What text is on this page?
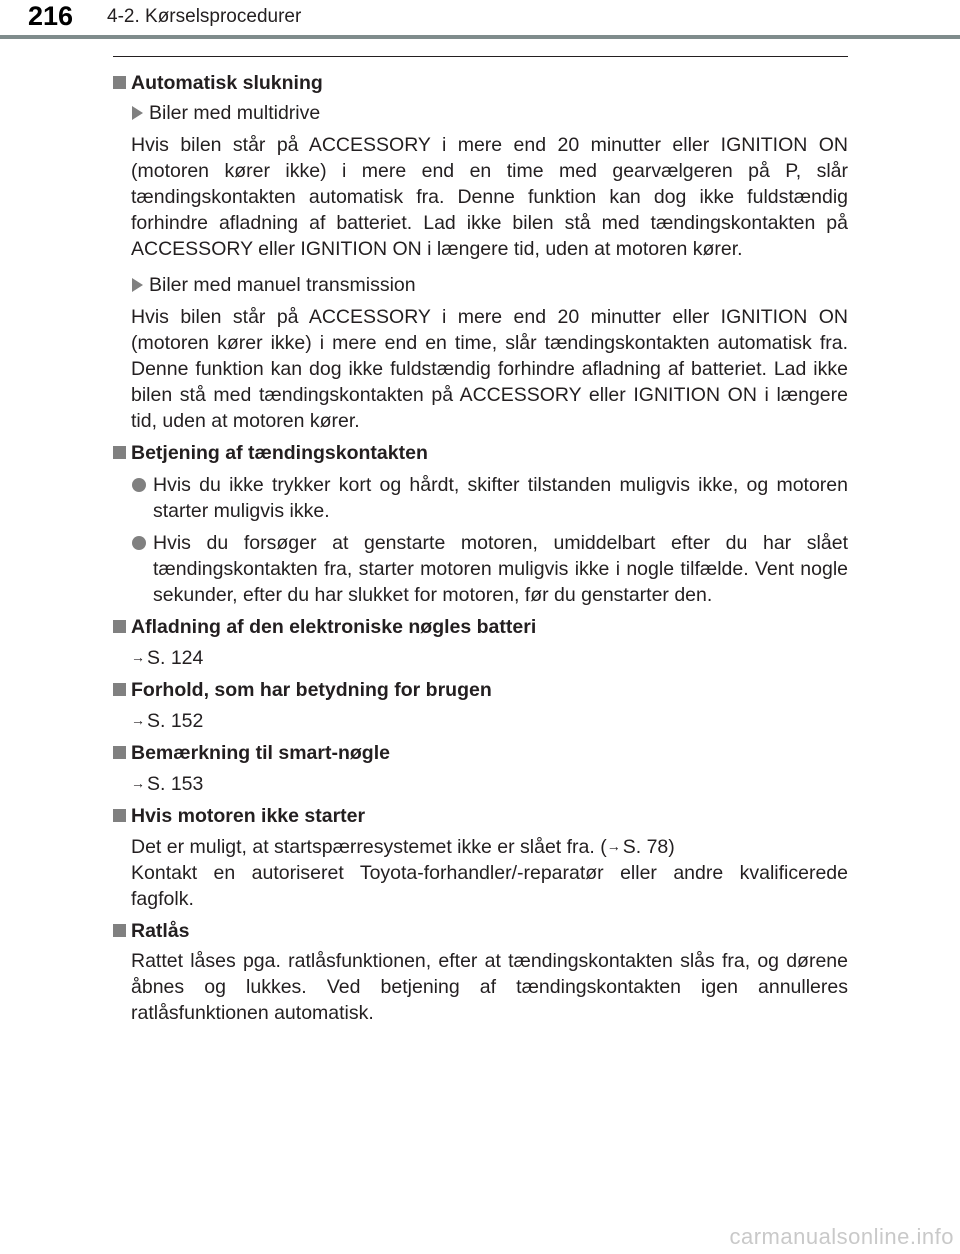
216 4-2. Kørselsprocedurer
Automatisk slukning
Biler med multidrive
Hvis bilen står på ACCESSORY i mere end 20 minutter eller IGNITION ON (motoren kører ikke) i mere end en time med gearvælgeren på P, slår tændingskontakten automatisk fra. Denne funktion kan dog ikke fuldstændig forhindre afladning af batteriet. Lad ikke bilen stå med tændingskontakten på ACCESSORY eller IGNITION ON i længere tid, uden at motoren kører.
Biler med manuel transmission
Hvis bilen står på ACCESSORY i mere end 20 minutter eller IGNITION ON (motoren kører ikke) i mere end en time, slår tændingskontakten automatisk fra. Denne funktion kan dog ikke fuldstændig forhindre afladning af batteriet. Lad ikke bilen stå med tændingskontakten på ACCESSORY eller IGNITION ON i længere tid, uden at motoren kører.
Betjening af tændingskontakten
Hvis du ikke trykker kort og hårdt, skifter tilstanden muligvis ikke, og motoren starter muligvis ikke.
Hvis du forsøger at genstarte motoren, umiddelbart efter du har slået tændingskontakten fra, starter motoren muligvis ikke i nogle tilfælde. Vent nogle sekunder, efter du har slukket for motoren, før du genstarter den.
Afladning af den elektroniske nøgles batteri
→ S. 124
Forhold, som har betydning for brugen
→ S. 152
Bemærkning til smart-nøgle
→ S. 153
Hvis motoren ikke starter
Det er muligt, at startspærresystemet ikke er slået fra. (→ S. 78)
Kontakt en autoriseret Toyota-forhandler/-reparatør eller andre kvalificerede fagfolk.
Ratlås
Rattet låses pga. ratlåsfunktionen, efter at tændingskontakten slås fra, og dørene åbnes og lukkes. Ved betjening af tændingskontakten igen annulleres ratlåsfunktionen automatisk.
carmanualsonline.info
